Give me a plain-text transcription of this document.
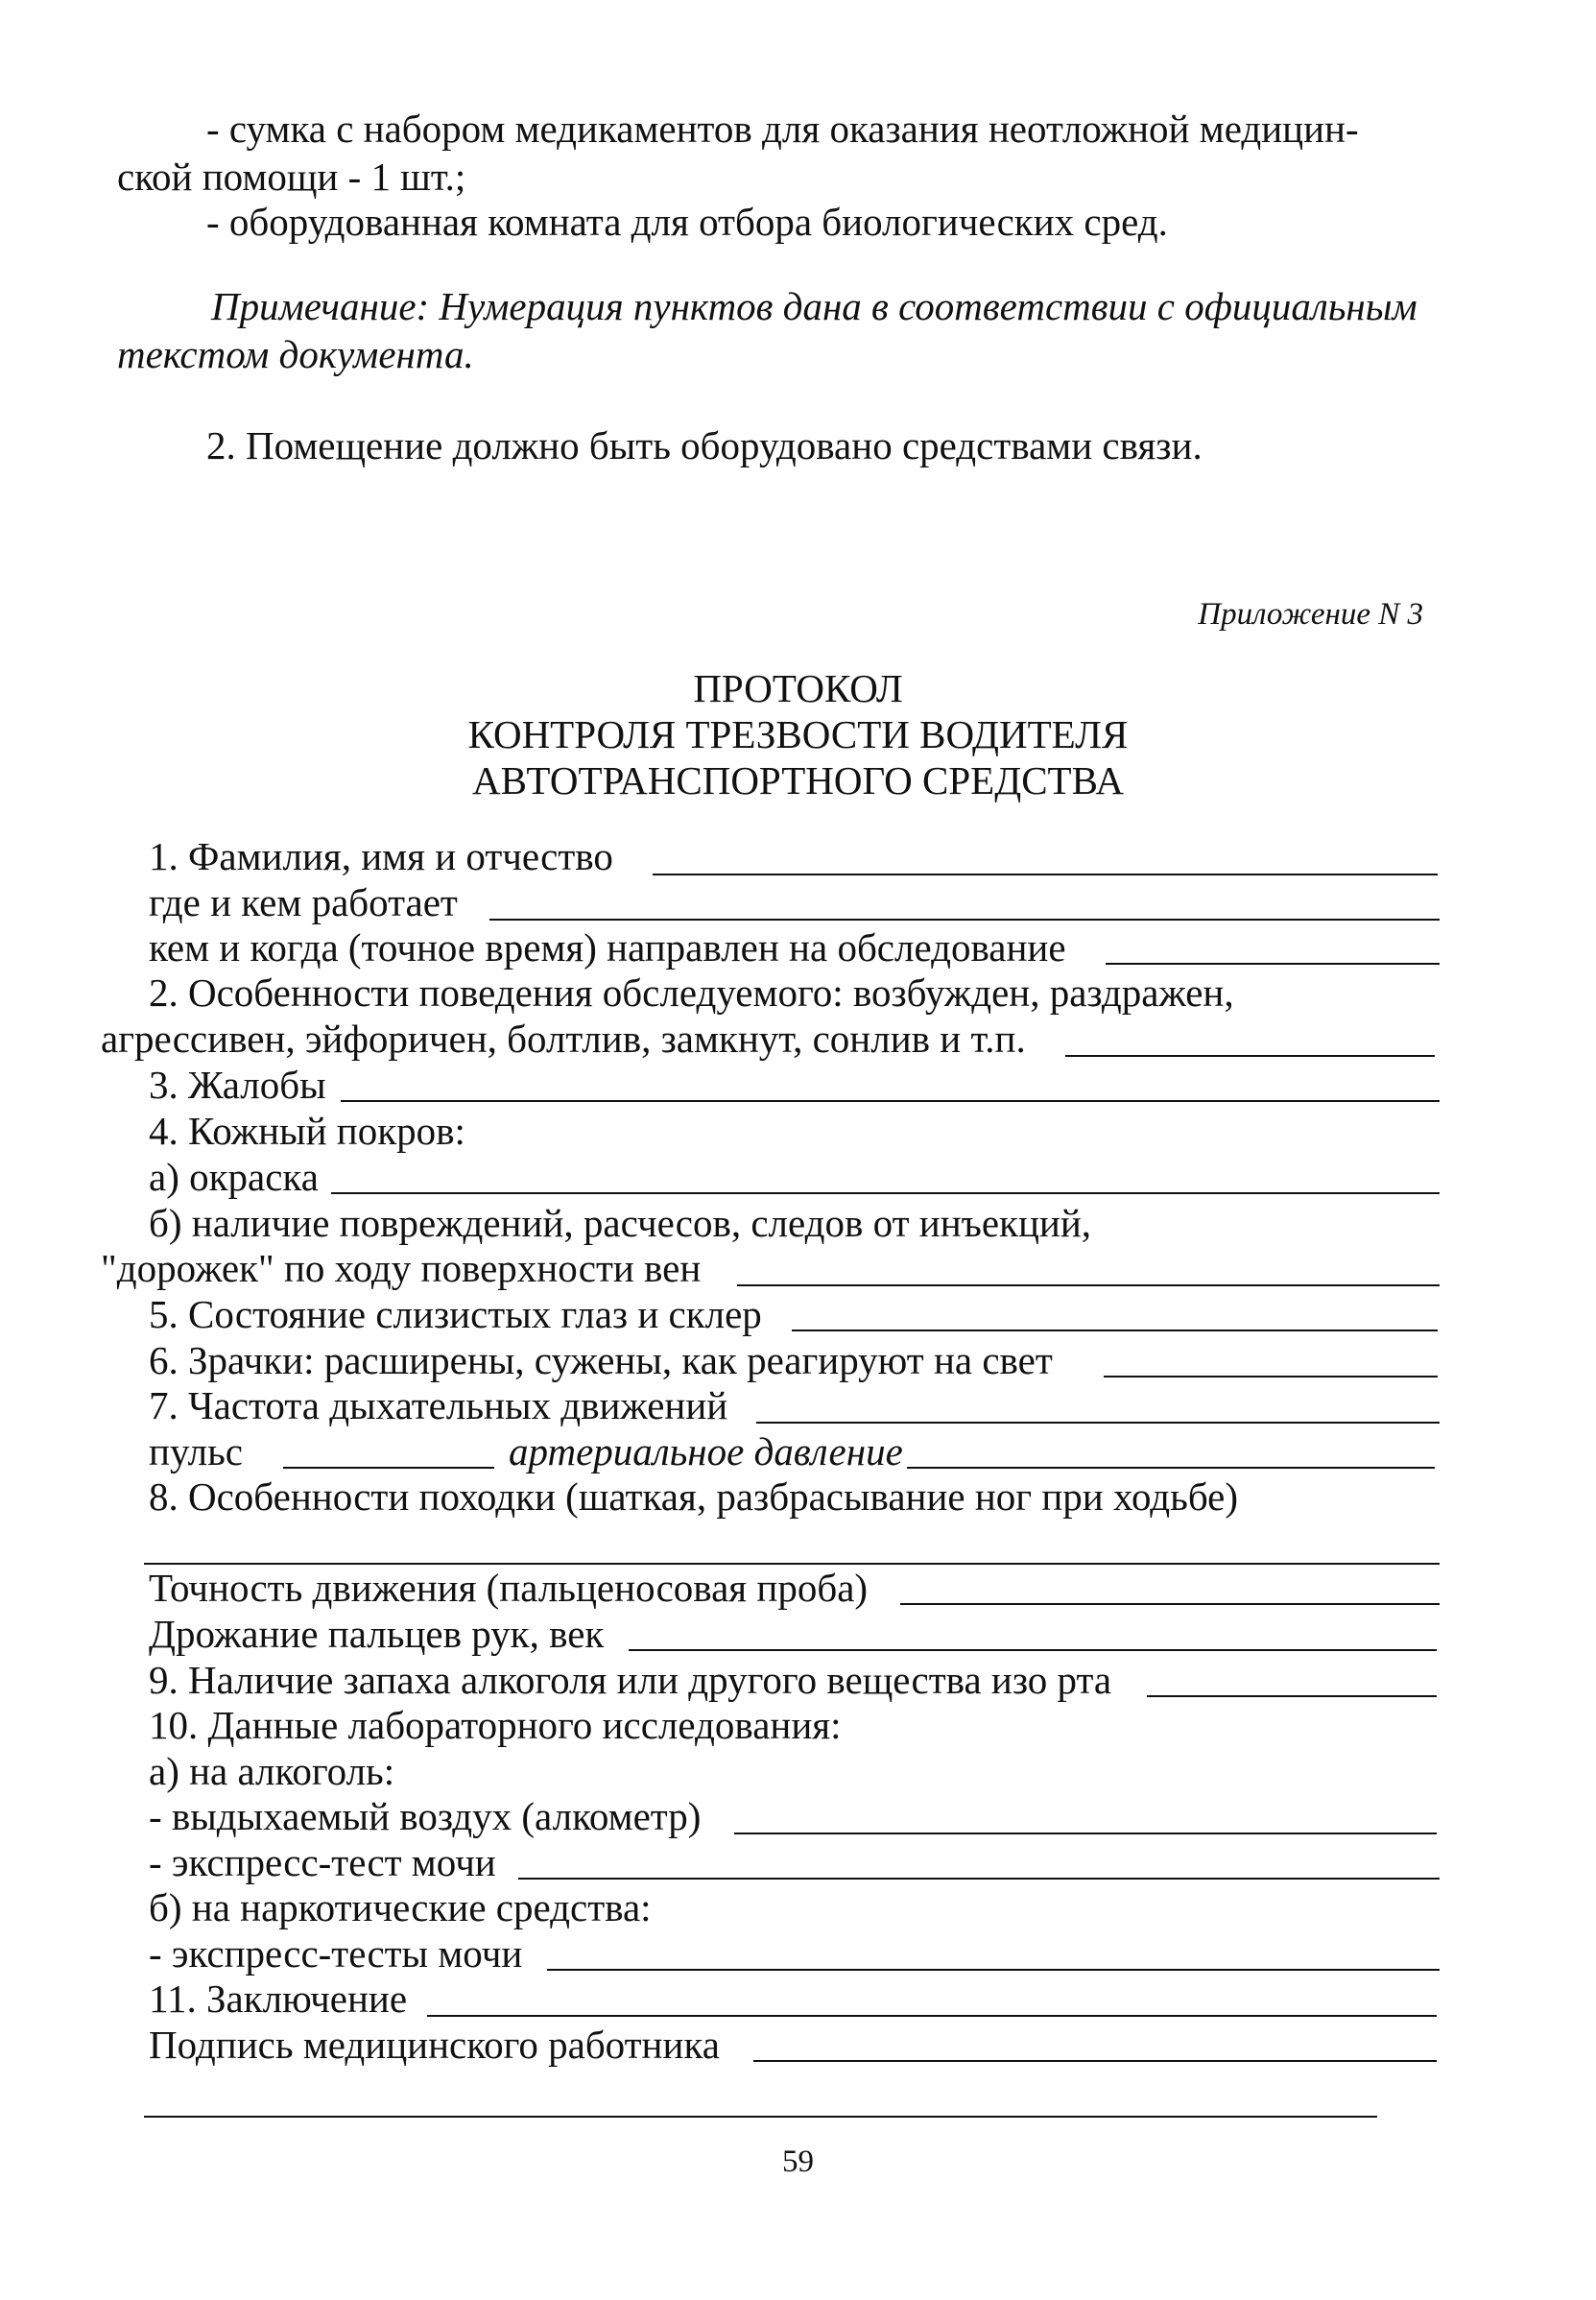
- сумка с набором медикаментов для оказания неотложной медицин-
ской помощи - 1 шт.;
- оборудованная комната для отбора биологических сред.
Примечание: Нумерация пунктов дана в соответствии с официальным
текстом документа.
2. Помещение должно быть оборудовано средствами связи.
Приложение N 3
ПРОТОКОЛ
КОНТРОЛЯ ТРЕЗВОСТИ ВОДИТЕЛЯ
АВТОТРАНСПОРТНОГО СРЕДСТВА
1. Фамилия, имя и отчество
где и кем работает
кем и когда (точное время) направлен на обследование
2. Особенности поведения обследуемого: возбужден, раздражен,
агрессивен, эйфоричен, болтлив, замкнут, сонлив и т.п.
3. Жалобы
4. Кожный покров:
а) окраска
б) наличие повреждений, расчесов, следов от инъекций,
"дорожек" по ходу поверхности вен
5. Состояние слизистых глаз и склер
6. Зрачки: расширены, сужены, как реагируют на свет
7. Частота дыхательных движений
пульс	артериальное давление
8. Особенности походки (шаткая, разбрасывание ног при ходьбе)
Точность движения (пальценосовая проба)
Дрожание пальцев рук, век
9. Наличие запаха алкоголя или другого вещества изо рта
10. Данные лабораторного исследования:
а) на алкоголь:
- выдыхаемый воздух (алкометр)
- экспресс-тест мочи
б) на наркотические средства:
- экспресс-тесты мочи
11. Заключение
Подпись медицинского работника
59
